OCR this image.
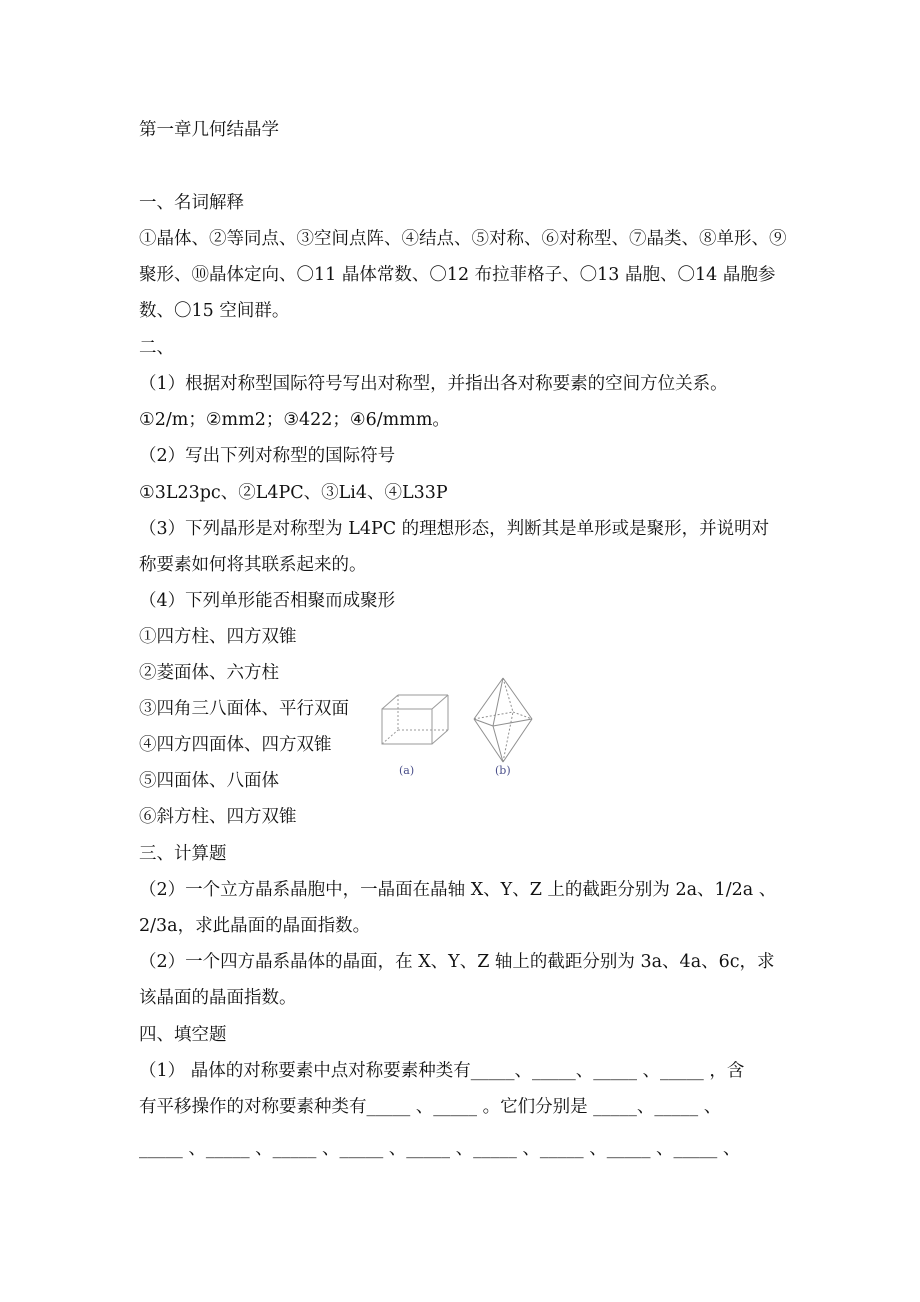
第一章几何结晶学
一、名词解释
①晶体、②等同点、③空间点阵、④结点、⑤对称、⑥对称型、⑦晶类、⑧单形、⑨
聚形、⑩晶体定向、〇11 晶体常数、〇12 布拉菲格子、〇13 晶胞、〇14 晶胞参
数、〇15 空间群。
二、
（1）根据对称型国际符号写出对称型，并指出各对称要素的空间方位关系。
①2/m；②mm2；③422；④6/mmm。
（2）写出下列对称型的国际符号
①3L23pc、②L4PC、③Li4、④L33P
（3）下列晶形是对称型为 L4PC 的理想形态，判断其是单形或是聚形，并说明对
称要素如何将其联系起来的。
（4）下列单形能否相聚而成聚形
①四方柱、四方双锥
②菱面体、六方柱
③四角三八面体、平行双面
④四方四面体、四方双锥
⑤四面体、八面体
⑥斜方柱、四方双锥
(a)	(b)
三、计算题
（2）一个立方晶系晶胞中，一晶面在晶轴 X、Y、Z 上的截距分别为 2a、1/2a 、
2/3a，求此晶面的晶面指数。
（2）一个四方晶系晶体的晶面，在 X、Y、Z 轴上的截距分别为 3a、4a、6c，求
该晶面的晶面指数。
四、填空题
（1） 晶体的对称要素中点对称要素种类有_____、_____、_____ 、_____ ，含
有平移操作的对称要素种类有_____ 、_____ 。它们分别是 _____、_____ 、
_____ 、_____ 、_____ 、_____ 、_____ 、_____ 、_____ 、_____ 、_____ 、
